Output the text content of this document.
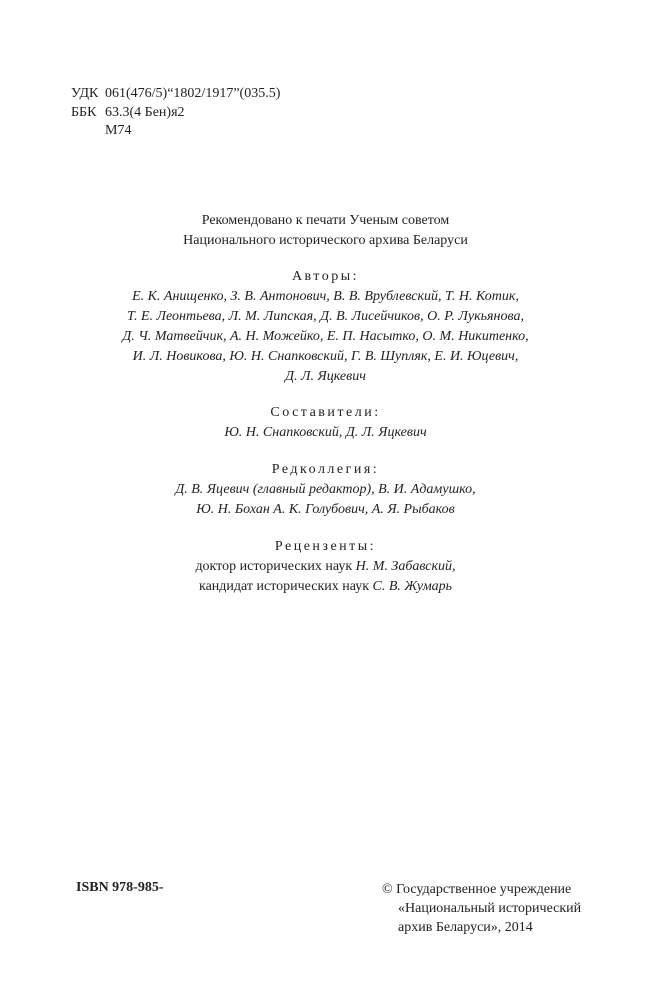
УДК 061(476/5)“1802/1917”(035.5)
ББК 63.3(4 Бен)я2
М74
Рекомендовано к печати Ученым советом
Национального исторического архива Беларуси
Авторы:
Е. К. Анищенко, З. В. Антонович, В. В. Врублевский, Т. Н. Котик,
Т. Е. Леонтьева, Л. М. Липская, Д. В. Лисейчиков, О. Р. Лукьянова,
Д. Ч. Матвейчик, А. Н. Можейко, Е. П. Насытко, О. М. Никитенко,
И. Л. Новикова, Ю. Н. Снапковский, Г. В. Шупляк, Е. И. Юцевич,
Д. Л. Яцкевич
Составители:
Ю. Н. Снапковский, Д. Л. Яцкевич
Редколлегия:
Д. В. Яцевич (главный редактор), В. И. Адамушко,
Ю. Н. Бохан А. К. Голубович, А. Я. Рыбаков
Рецензенты:
доктор исторических наук Н. М. Забавский,
кандидат исторических наук С. В. Жумарь
ISBN 978-985-	© Государственное учреждение
«Национальный исторический
архив Беларуси», 2014
